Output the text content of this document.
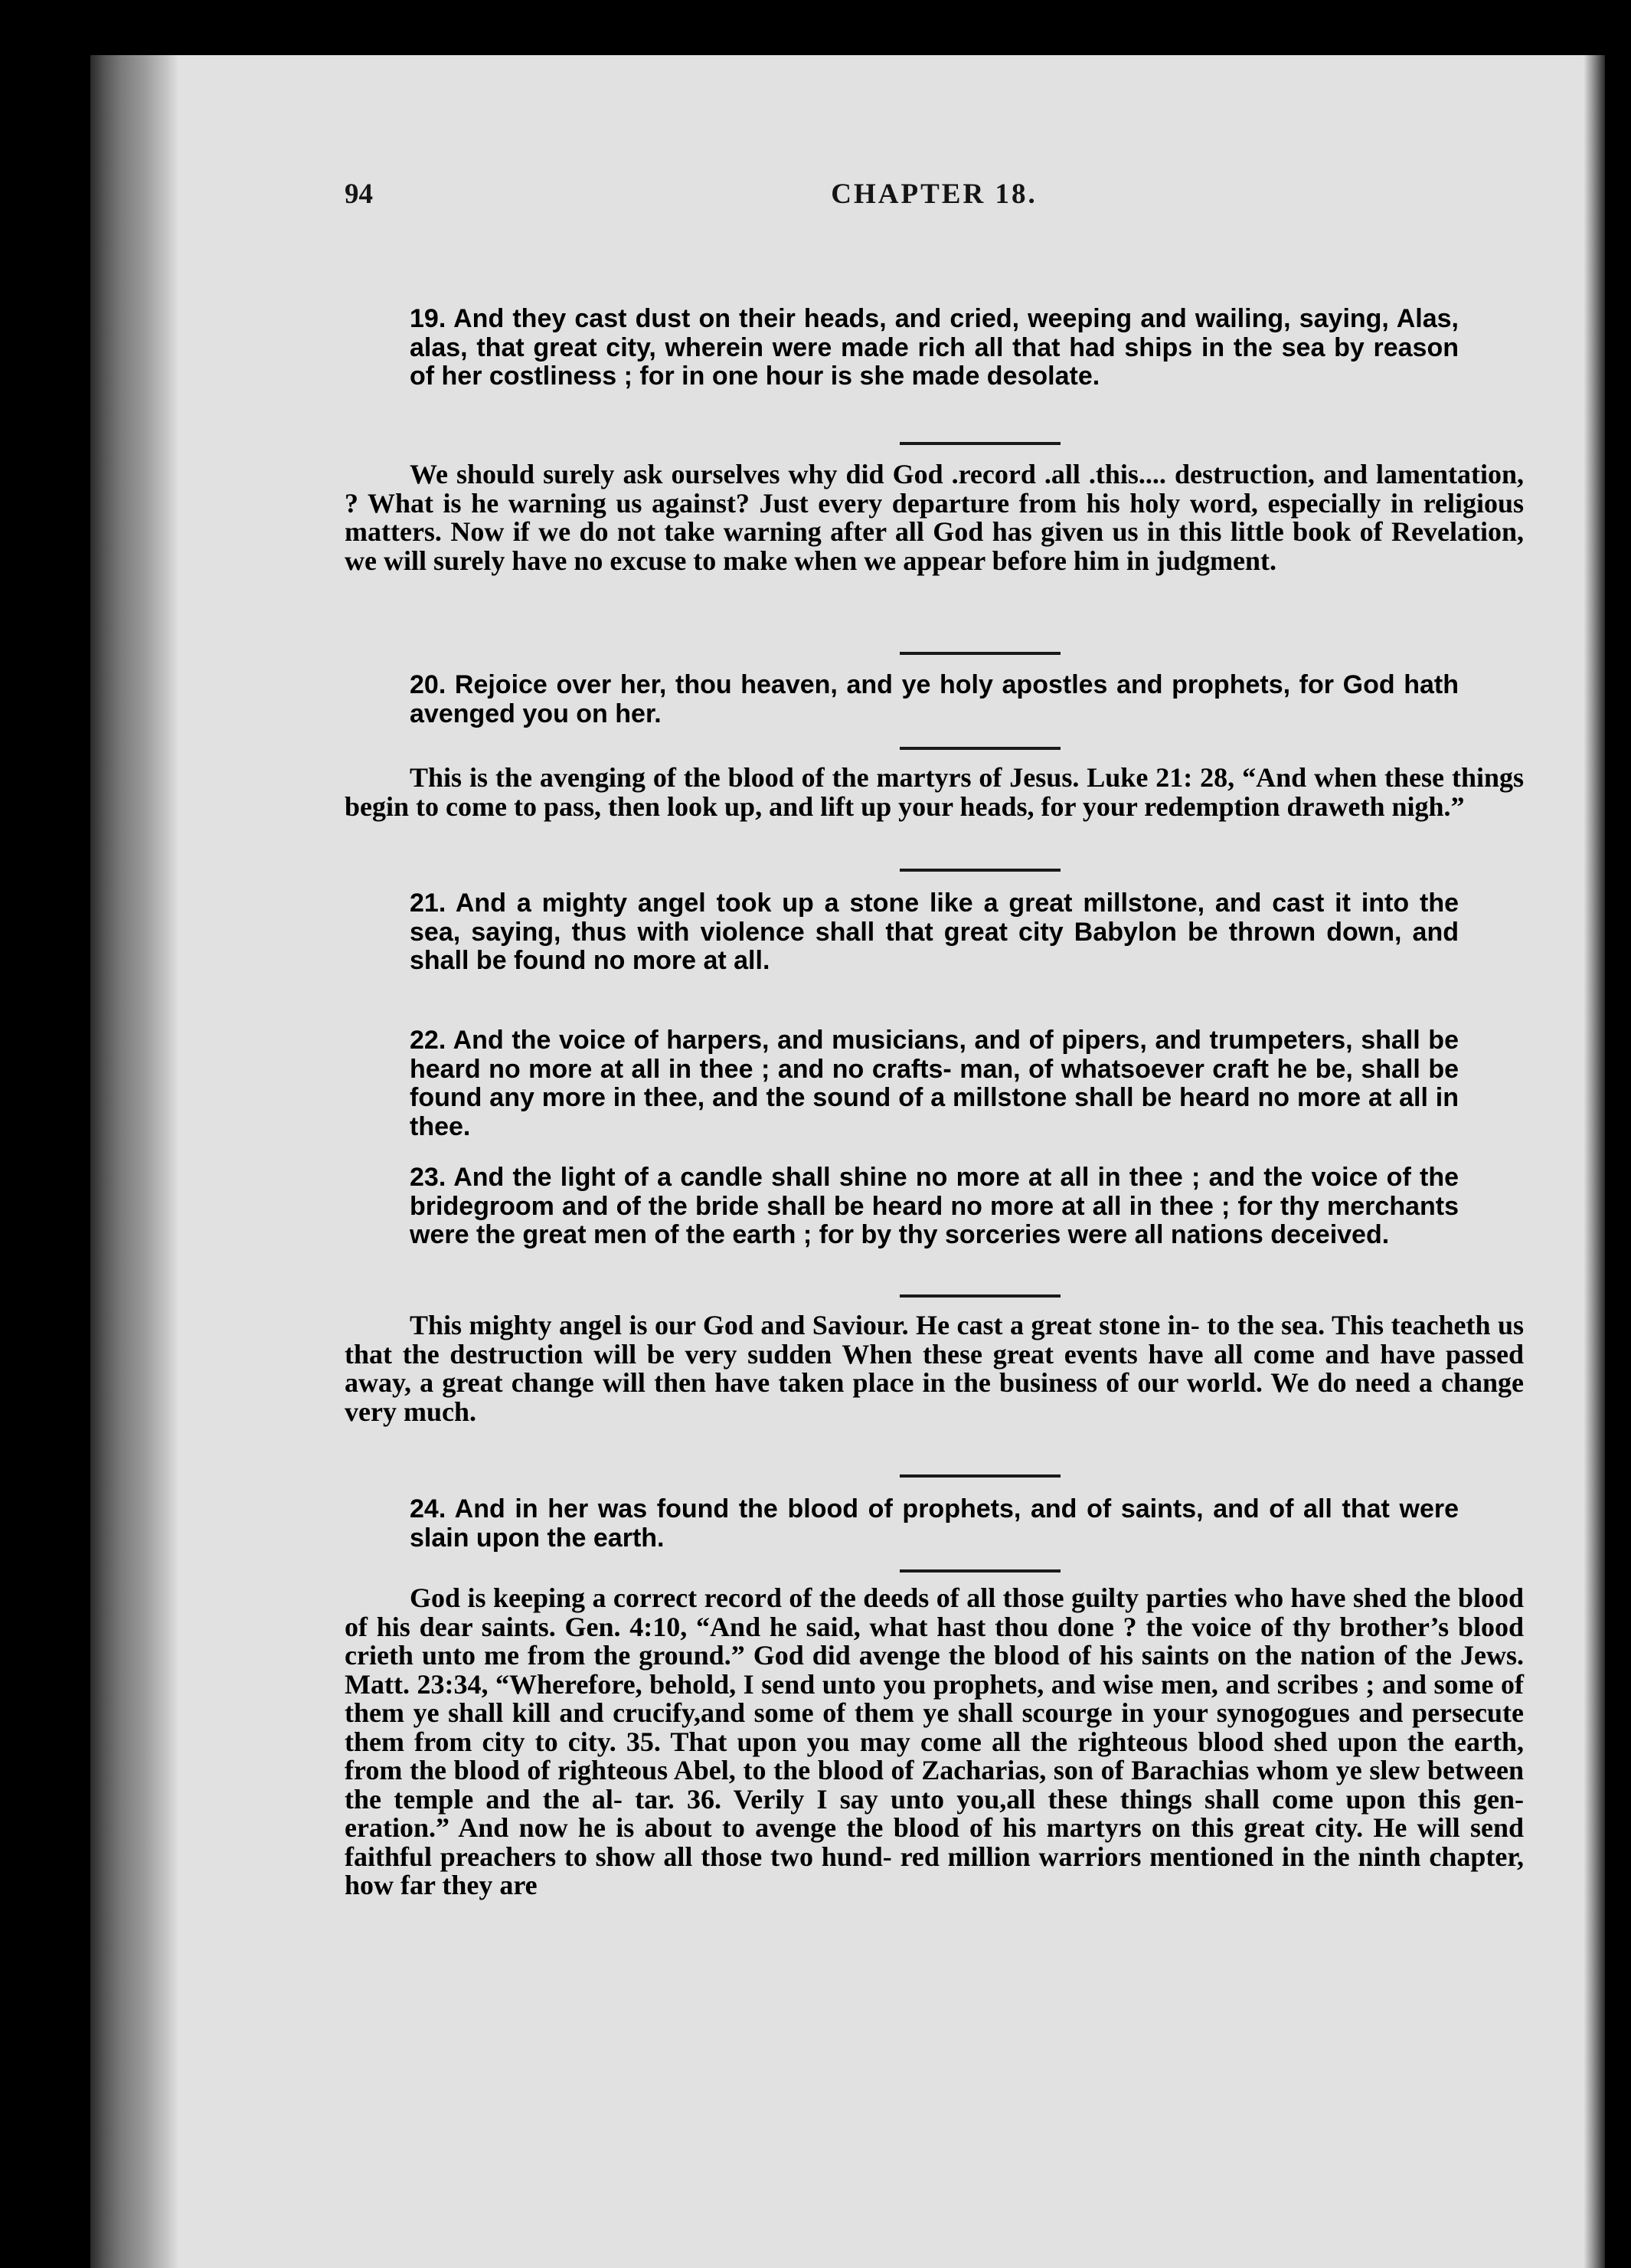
94	CHAPTER 18.

19. And they cast dust on their heads, and cried, weeping and wailing, saying, Alas, alas, that great city, wherein were made rich all that had ships in the sea by reason of her costliness ; for in one hour is she made desolate.

We should surely ask ourselves why did God .record .all .this.... destruction, and lamentation, ? What is he warning us against? Just every departure from his holy word, especially in religious matters. Now if we do not take warning after all God has given us in this little book of Revelation, we will surely have no excuse to make when we appear before him in judgment.

20. Rejoice over her, thou heaven, and ye holy apostles and prophets, for God hath avenged you on her.

This is the avenging of the blood of the martyrs of Jesus. Luke 21: 28, “And when these things begin to come to pass, then look up, and lift up your heads, for your redemption draweth nigh.”

21. And a mighty angel took up a stone like a great millstone, and cast it into the sea, saying, thus with violence shall that great city Babylon be thrown down, and shall be found no more at all.

22. And the voice of harpers, and musicians, and of pipers, and trumpeters, shall be heard no more at all in thee ; and no crafts- man, of whatsoever craft he be, shall be found any more in thee, and the sound of a millstone shall be heard no more at all in thee.

23. And the light of a candle shall shine no more at all in thee ; and the voice of the bridegroom and of the bride shall be heard no more at all in thee ; for thy merchants were the great men of the earth ; for by thy sorceries were all nations deceived.

This mighty angel is our God and Saviour. He cast a great stone in- to the sea. This teacheth us that the destruction will be very sudden When these great events have all come and have passed away, a great change will then have taken place in the business of our world. We do need a change very much.

24. And in her was found the blood of prophets, and of saints, and of all that were slain upon the earth.

God is keeping a correct record of the deeds of all those guilty parties who have shed the blood of his dear saints. Gen. 4:10, “And he said, what hast thou done ? the voice of thy brother’s blood crieth unto me from the ground.” God did avenge the blood of his saints on the nation of the Jews. Matt. 23:34, “Wherefore, behold, I send unto you prophets, and wise men, and scribes ; and some of them ye shall kill and crucify,and some of them ye shall scourge in your synogogues and persecute them from city to city. 35. That upon you may come all the righteous blood shed upon the earth, from the blood of righteous Abel, to the blood of Zacharias, son of Barachias whom ye slew between the temple and the al- tar. 36. Verily I say unto you,all these things shall come upon this gen- eration.” And now he is about to avenge the blood of his martyrs on this great city. He will send faithful preachers to show all those two hund- red million warriors mentioned in the ninth chapter, how far they are
